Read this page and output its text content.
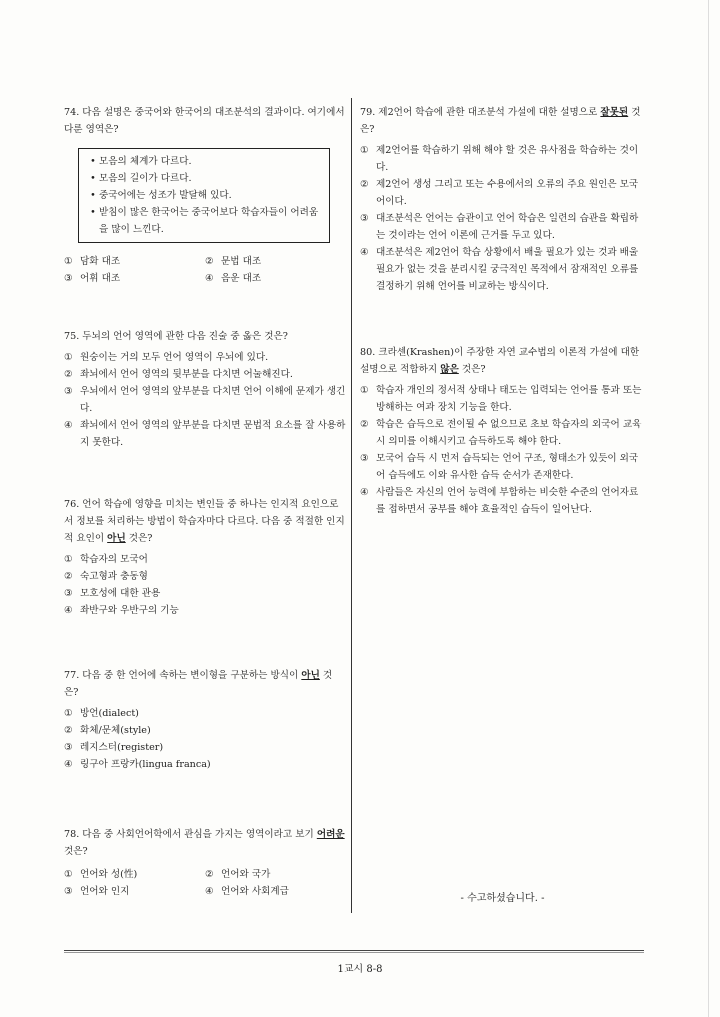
74. 다음 설명은 중국어와 한국어의 대조분석의 결과이다. 여기에서 다룬 영역은?

• 모음의 체계가 다르다.
• 모음의 길이가 다르다.
• 중국어에는 성조가 발달해 있다.
• 받침이 많은 한국어는 중국어보다 학습자들이 어려움을 많이 느낀다.
① 담화 대조	② 문법 대조
③ 어휘 대조	④ 음운 대조

75. 두뇌의 언어 영역에 관한 다음 진술 중 옳은 것은?

① 원숭이는 거의 모두 언어 영역이 우뇌에 있다.
② 좌뇌에서 언어 영역의 뒷부분을 다치면 어눌해진다.
③ 우뇌에서 언어 영역의 앞부분을 다치면 언어 이해에 문제가 생긴다.
④ 좌뇌에서 언어 영역의 앞부분을 다치면 문법적 요소를 잘 사용하지 못한다.

76. 언어 학습에 영향을 미치는 변인들 중 하나는 인지적 요인으로서 정보를 처리하는 방법이 학습자마다 다르다. 다음 중 적절한 인지적 요인이 아닌 것은?

① 학습자의 모국어
② 숙고형과 충동형
③ 모호성에 대한 관용
④ 좌반구와 우반구의 기능

77. 다음 중 한 언어에 속하는 변이형을 구분하는 방식이 아닌 것은?

① 방언(dialect)
② 화체/문체(style)
③ 레지스터(register)
④ 링구아 프랑카(lingua franca)

78. 다음 중 사회언어학에서 관심을 가지는 영역이라고 보기 어려운 것은?

① 언어와 성(性)	② 언어와 국가
③ 언어와 인지	④ 언어와 사회계급

79. 제2언어 학습에 관한 대조분석 가설에 대한 설명으로 잘못된 것은?

① 제2언어를 학습하기 위해 해야 할 것은 유사점을 학습하는 것이다.
② 제2언어 생성 그리고 또는 수용에서의 오류의 주요 원인은 모국어이다.
③ 대조분석은 언어는 습관이고 언어 학습은 일련의 습관을 확립하는 것이라는 언어 이론에 근거를 두고 있다.
④ 대조분석은 제2언어 학습 상황에서 배울 필요가 있는 것과 배울 필요가 없는 것을 분리시킬 궁극적인 목적에서 잠재적인 오류를 결정하기 위해 언어를 비교하는 방식이다.

80. 크라센(Krashen)이 주장한 자연 교수법의 이론적 가설에 대한 설명으로 적합하지 않은 것은?

① 학습자 개인의 정서적 상태나 태도는 입력되는 언어를 통과 또는 방해하는 여과 장치 기능을 한다.
② 학습은 습득으로 전이될 수 없으므로 초보 학습자의 외국어 교육 시 의미를 이해시키고 습득하도록 해야 한다.
③ 모국어 습득 시 먼저 습득되는 언어 구조, 형태소가 있듯이 외국어 습득에도 이와 유사한 습득 순서가 존재한다.
④ 사람들은 자신의 언어 능력에 부합하는 비슷한 수준의 언어자료를 접하면서 공부를 해야 효율적인 습득이 일어난다.
- 수고하셨습니다. -
1교시 8-8
